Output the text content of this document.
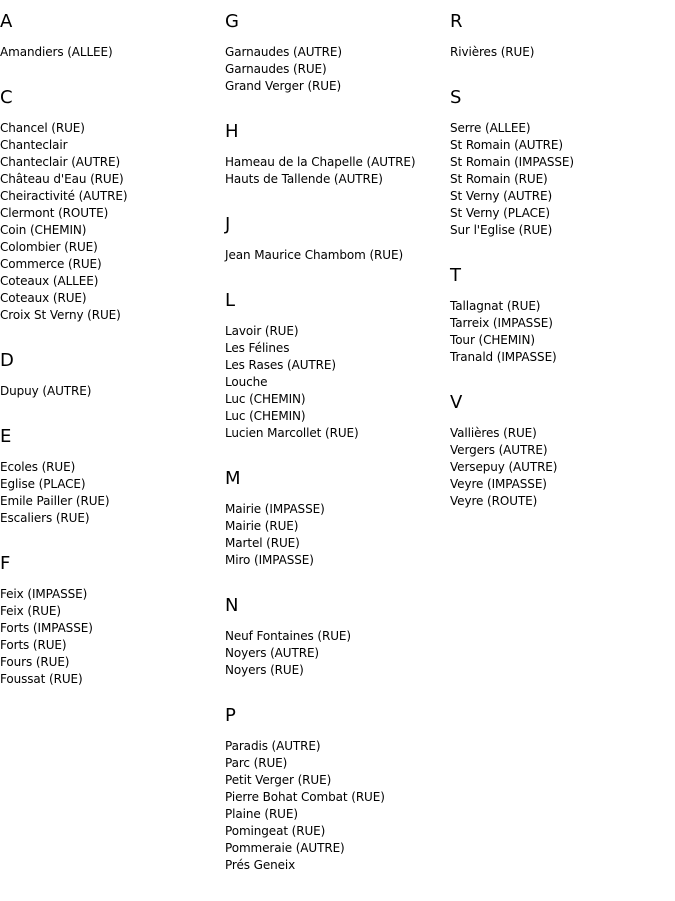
A
Amandiers (ALLEE)
C
Chancel (RUE)
Chanteclair
Chanteclair (AUTRE)
Château d'Eau (RUE)
Cheiractivité (AUTRE)
Clermont (ROUTE)
Coin (CHEMIN)
Colombier (RUE)
Commerce (RUE)
Coteaux (ALLEE)
Coteaux (RUE)
Croix St Verny (RUE)
D
Dupuy (AUTRE)
E
Ecoles (RUE)
Eglise (PLACE)
Emile Pailler (RUE)
Escaliers (RUE)
F
Feix (IMPASSE)
Feix (RUE)
Forts (IMPASSE)
Forts (RUE)
Fours (RUE)
Foussat (RUE)
G
Garnaudes (AUTRE)
Garnaudes (RUE)
Grand Verger (RUE)
H
Hameau de la Chapelle (AUTRE)
Hauts de Tallende (AUTRE)
J
Jean Maurice Chambom (RUE)
L
Lavoir (RUE)
Les Félines
Les Rases (AUTRE)
Louche
Luc (CHEMIN)
Luc (CHEMIN)
Lucien Marcollet (RUE)
M
Mairie (IMPASSE)
Mairie (RUE)
Martel (RUE)
Miro (IMPASSE)
N
Neuf Fontaines (RUE)
Noyers (AUTRE)
Noyers (RUE)
P
Paradis (AUTRE)
Parc (RUE)
Petit Verger (RUE)
Pierre Bohat Combat (RUE)
Plaine (RUE)
Pomingeat (RUE)
Pommeraie (AUTRE)
Prés Geneix
R
Rivières (RUE)
S
Serre (ALLEE)
St Romain (AUTRE)
St Romain (IMPASSE)
St Romain (RUE)
St Verny (AUTRE)
St Verny (PLACE)
Sur l'Eglise (RUE)
T
Tallagnat (RUE)
Tarreix (IMPASSE)
Tour (CHEMIN)
Tranald (IMPASSE)
V
Vallières (RUE)
Vergers (AUTRE)
Versepuy (AUTRE)
Veyre (IMPASSE)
Veyre (ROUTE)
